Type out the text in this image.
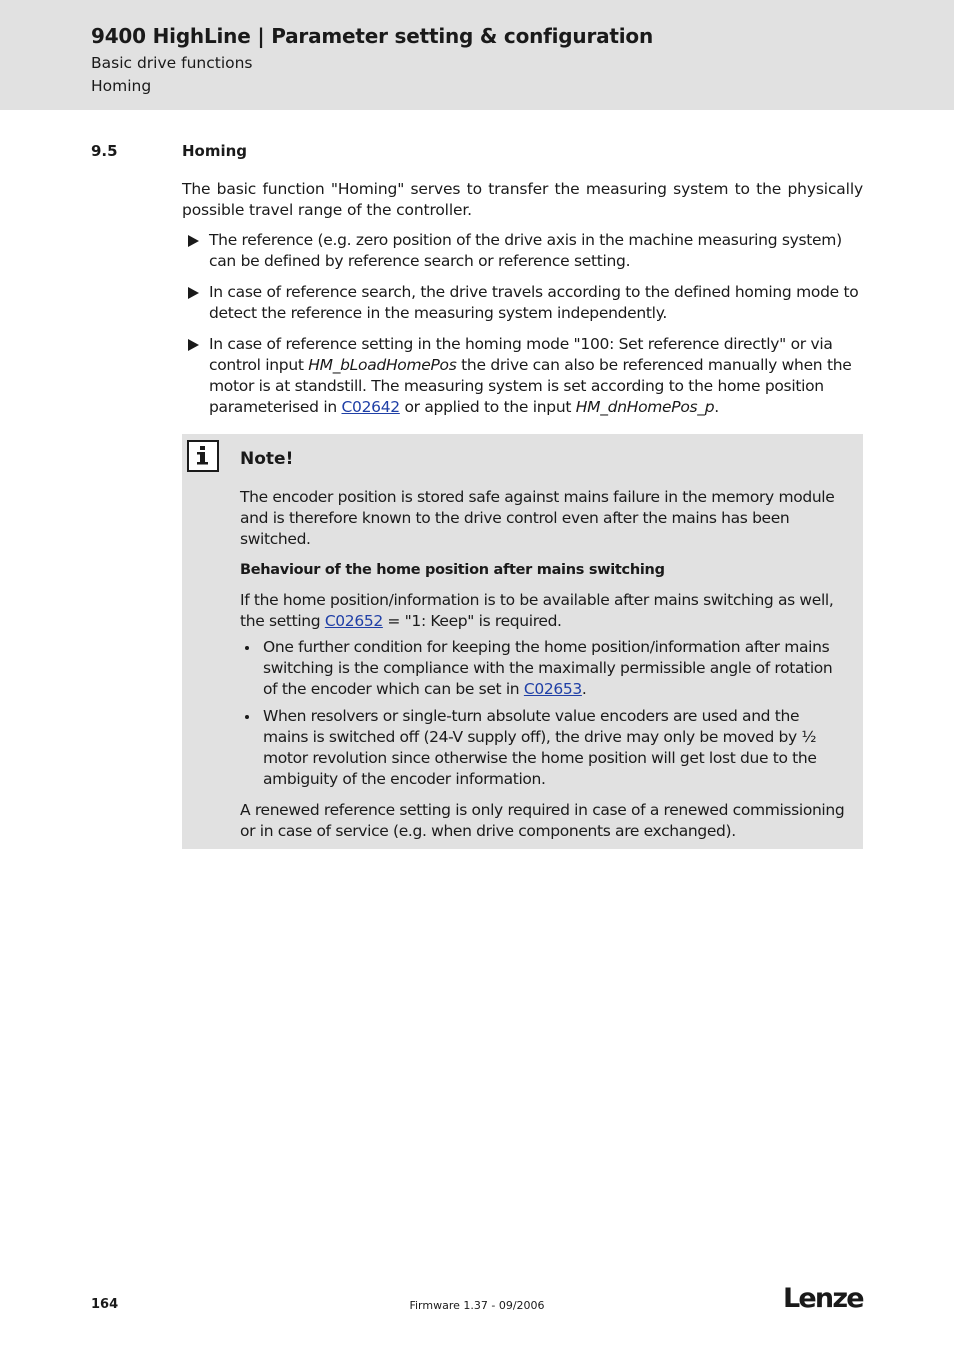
9400 HighLine | Parameter setting & configuration
Basic drive functions
Homing
9.5	Homing
The basic function "Homing" serves to transfer the measuring system to the physically possible travel range of the controller.
The reference (e.g. zero position of the drive axis in the machine measuring system) can be defined by reference search or reference setting.
In case of reference search, the drive travels according to the defined homing mode to detect the reference in the measuring system independently.
In case of reference setting in the homing mode "100: Set reference directly" or via control input HM_bLoadHomePos the drive can also be referenced manually when the motor is at standstill. The measuring system is set according to the home position parameterised in C02642 or applied to the input HM_dnHomePos_p.
Note!

The encoder position is stored safe against mains failure in the memory module and is therefore known to the drive control even after the mains has been switched.

Behaviour of the home position after mains switching

If the home position/information is to be available after mains switching as well, the setting C02652 = "1: Keep" is required.

One further condition for keeping the home position/information after mains switching is the compliance with the maximally permissible angle of rotation of the encoder which can be set in C02653.
When resolvers or single-turn absolute value encoders are used and the mains is switched off (24-V supply off), the drive may only be moved by ½ motor revolution since otherwise the home position will get lost due to the ambiguity of the encoder information.

A renewed reference setting is only required in case of a renewed commissioning or in case of service (e.g. when drive components are exchanged).

164	Firmware 1.37 - 09/2006	Lenze
